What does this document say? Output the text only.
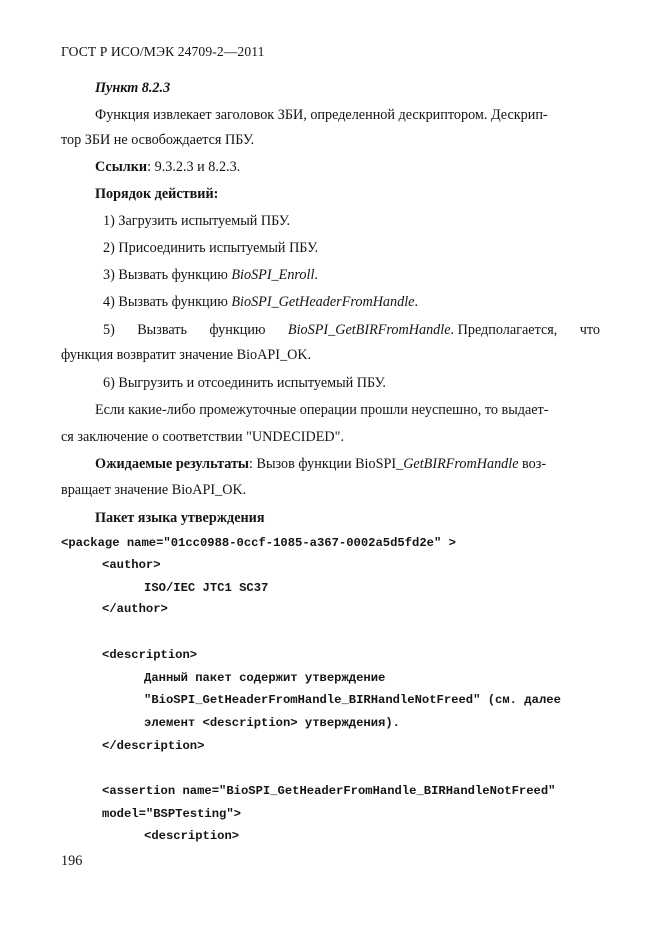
ГОСТ Р ИСО/МЭК 24709-2—2011
Пункт 8.2.3
Функция извлекает заголовок ЗБИ, определенной дескриптором. Дескрип-
тор ЗБИ не освобождается ПБУ.
Ссылки: 9.3.2.3 и 8.2.3.
Порядок действий:
1) Загрузить испытуемый ПБУ.
2) Присоединить испытуемый ПБУ.
3) Вызвать функцию BioSPI_Enroll.
4) Вызвать функцию BioSPI_GetHeaderFromHandle.
5) Вызвать функцию BioSPI_GetBIRFromHandle. Предполагается, что
функция возвратит значение BioAPI_OK.
6) Выгрузить и отсоединить испытуемый ПБУ.
Если какие-либо промежуточные операции прошли неуспешно, то выдает-
ся заключение о соответствии "UNDECIDED".
Ожидаемые результаты: Вызов функции BioSPI_GetBIRFromHandle воз-
вращает значение BioAPI_OK.
Пакет языка утверждения
<package name="01cc0988-0ccf-1085-a367-0002a5d5fd2e" >
<author>
ISO/IEC JTC1 SC37
</author>
<description>
Данный пакет содержит утверждение
"BioSPI_GetHeaderFromHandle_BIRHandleNotFreed" (см. далее
элемент <description> утверждения).
</description>
<assertion name="BioSPI_GetHeaderFromHandle_BIRHandleNotFreed"
model="BSPTesting">
<description>
196
